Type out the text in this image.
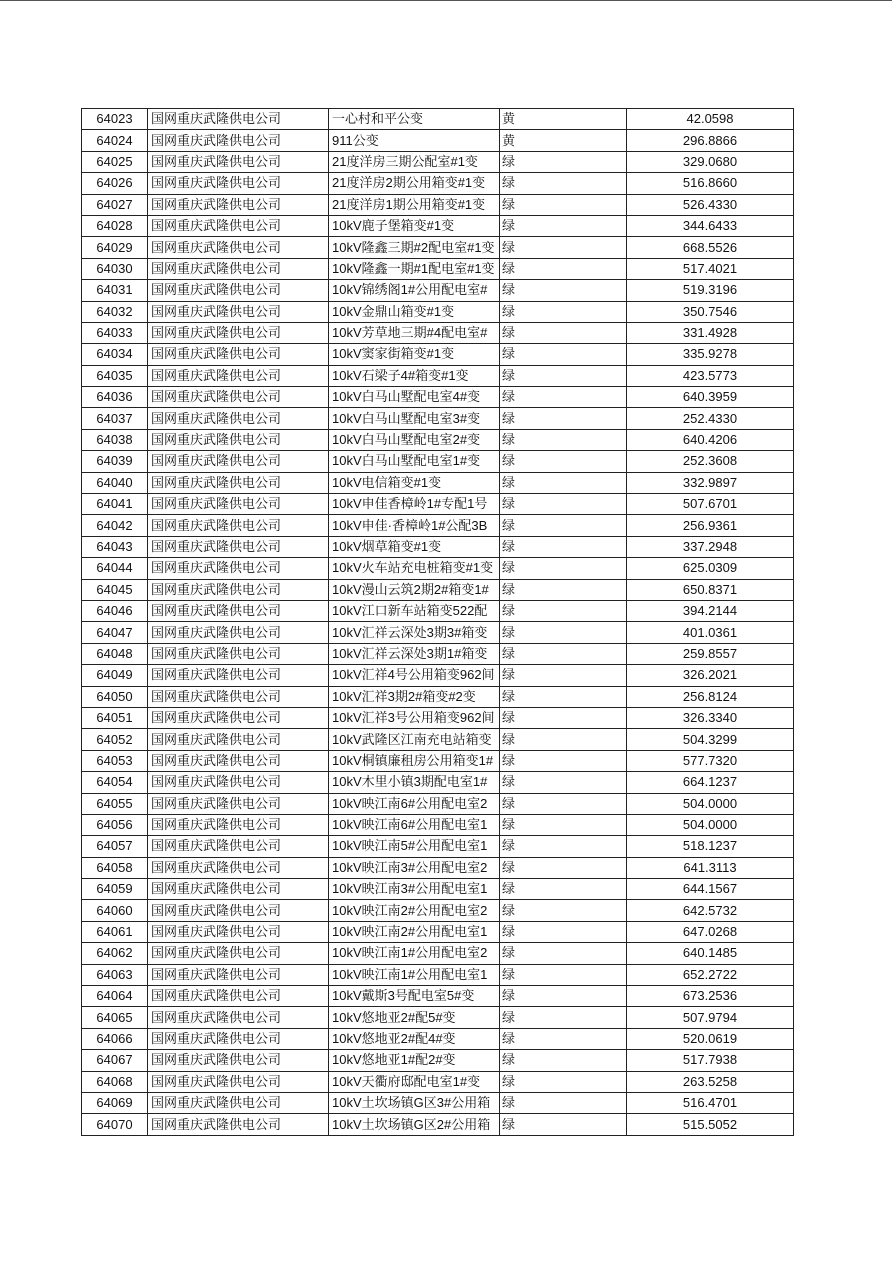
64023	国网重庆武隆供电公司	一心村和平公变	黄	42.0598
64024	国网重庆武隆供电公司	911公变	黄	296.8866
64025	国网重庆武隆供电公司	21度洋房三期公配室#1变	绿	329.0680
64026	国网重庆武隆供电公司	21度洋房2期公用箱变#1变	绿	516.8660
64027	国网重庆武隆供电公司	21度洋房1期公用箱变#1变	绿	526.4330
64028	国网重庆武隆供电公司	10kV鹿子堡箱变#1变	绿	344.6433
64029	国网重庆武隆供电公司	10kV隆鑫三期#2配电室#1变	绿	668.5526
64030	国网重庆武隆供电公司	10kV隆鑫一期#1配电室#1变	绿	517.4021
64031	国网重庆武隆供电公司	10kV锦绣阁1#公用配电室#	绿	519.3196
64032	国网重庆武隆供电公司	10kV金鼎山箱变#1变	绿	350.7546
64033	国网重庆武隆供电公司	10kV芳草地三期#4配电室#	绿	331.4928
64034	国网重庆武隆供电公司	10kV窦家街箱变#1变	绿	335.9278
64035	国网重庆武隆供电公司	10kV石梁子4#箱变#1变	绿	423.5773
64036	国网重庆武隆供电公司	10kV白马山墅配电室4#变	绿	640.3959
64037	国网重庆武隆供电公司	10kV白马山墅配电室3#变	绿	252.4330
64038	国网重庆武隆供电公司	10kV白马山墅配电室2#变	绿	640.4206
64039	国网重庆武隆供电公司	10kV白马山墅配电室1#变	绿	252.3608
64040	国网重庆武隆供电公司	10kV电信箱变#1变	绿	332.9897
64041	国网重庆武隆供电公司	10kV申佳香樟岭1#专配1号	绿	507.6701
64042	国网重庆武隆供电公司	10kV申佳·香樟岭1#公配3B	绿	256.9361
64043	国网重庆武隆供电公司	10kV烟草箱变#1变	绿	337.2948
64044	国网重庆武隆供电公司	10kV火车站充电桩箱变#1变	绿	625.0309
64045	国网重庆武隆供电公司	10kV漫山云筑2期2#箱变1#	绿	650.8371
64046	国网重庆武隆供电公司	10kV江口新车站箱变522配	绿	394.2144
64047	国网重庆武隆供电公司	10kV汇祥云深处3期3#箱变	绿	401.0361
64048	国网重庆武隆供电公司	10kV汇祥云深处3期1#箱变	绿	259.8557
64049	国网重庆武隆供电公司	10kV汇祥4号公用箱变962间	绿	326.2021
64050	国网重庆武隆供电公司	10kV汇祥3期2#箱变#2变	绿	256.8124
64051	国网重庆武隆供电公司	10kV汇祥3号公用箱变962间	绿	326.3340
64052	国网重庆武隆供电公司	10kV武隆区江南充电站箱变	绿	504.3299
64053	国网重庆武隆供电公司	10kV桐镇廉租房公用箱变1#	绿	577.7320
64054	国网重庆武隆供电公司	10kV木里小镇3期配电室1#	绿	664.1237
64055	国网重庆武隆供电公司	10kV映江南6#公用配电室2	绿	504.0000
64056	国网重庆武隆供电公司	10kV映江南6#公用配电室1	绿	504.0000
64057	国网重庆武隆供电公司	10kV映江南5#公用配电室1	绿	518.1237
64058	国网重庆武隆供电公司	10kV映江南3#公用配电室2	绿	641.3113
64059	国网重庆武隆供电公司	10kV映江南3#公用配电室1	绿	644.1567
64060	国网重庆武隆供电公司	10kV映江南2#公用配电室2	绿	642.5732
64061	国网重庆武隆供电公司	10kV映江南2#公用配电室1	绿	647.0268
64062	国网重庆武隆供电公司	10kV映江南1#公用配电室2	绿	640.1485
64063	国网重庆武隆供电公司	10kV映江南1#公用配电室1	绿	652.2722
64064	国网重庆武隆供电公司	10kV戴斯3号配电室5#变	绿	673.2536
64065	国网重庆武隆供电公司	10kV悠地亚2#配5#变	绿	507.9794
64066	国网重庆武隆供电公司	10kV悠地亚2#配4#变	绿	520.0619
64067	国网重庆武隆供电公司	10kV悠地亚1#配2#变	绿	517.7938
64068	国网重庆武隆供电公司	10kV天衢府邸配电室1#变	绿	263.5258
64069	国网重庆武隆供电公司	10kV土坎场镇G区3#公用箱	绿	516.4701
64070	国网重庆武隆供电公司	10kV土坎场镇G区2#公用箱	绿	515.5052
